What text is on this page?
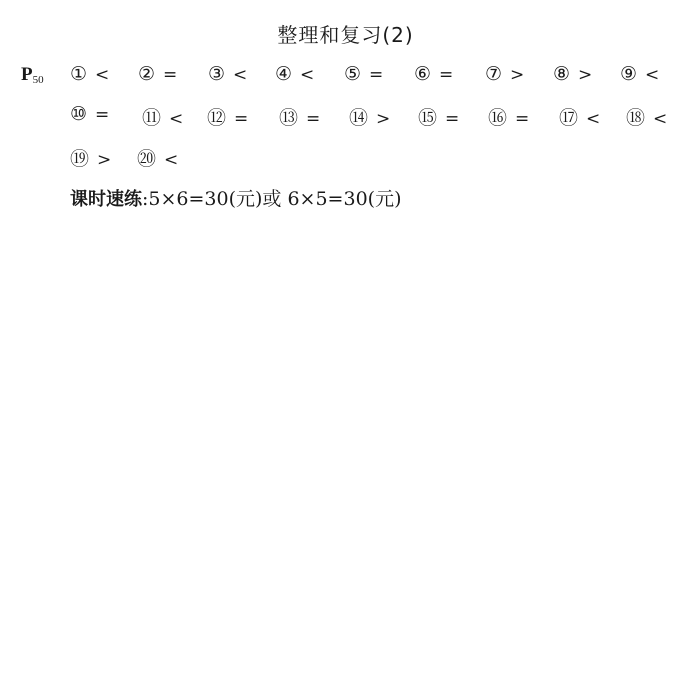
整理和复习(2)
$P_{50}$ ① < ② = ③ < ④ < ⑤ = ⑥ = ⑦ > ⑧ > ⑨ <
⑩ = ⑪ < ⑫ = ⑬ = ⑭ > ⑮ = ⑯ = ⑰ < ⑱ <
⑲ > ⑳ <
课时速练:5×6=30(元)或 6×5=30(元)
